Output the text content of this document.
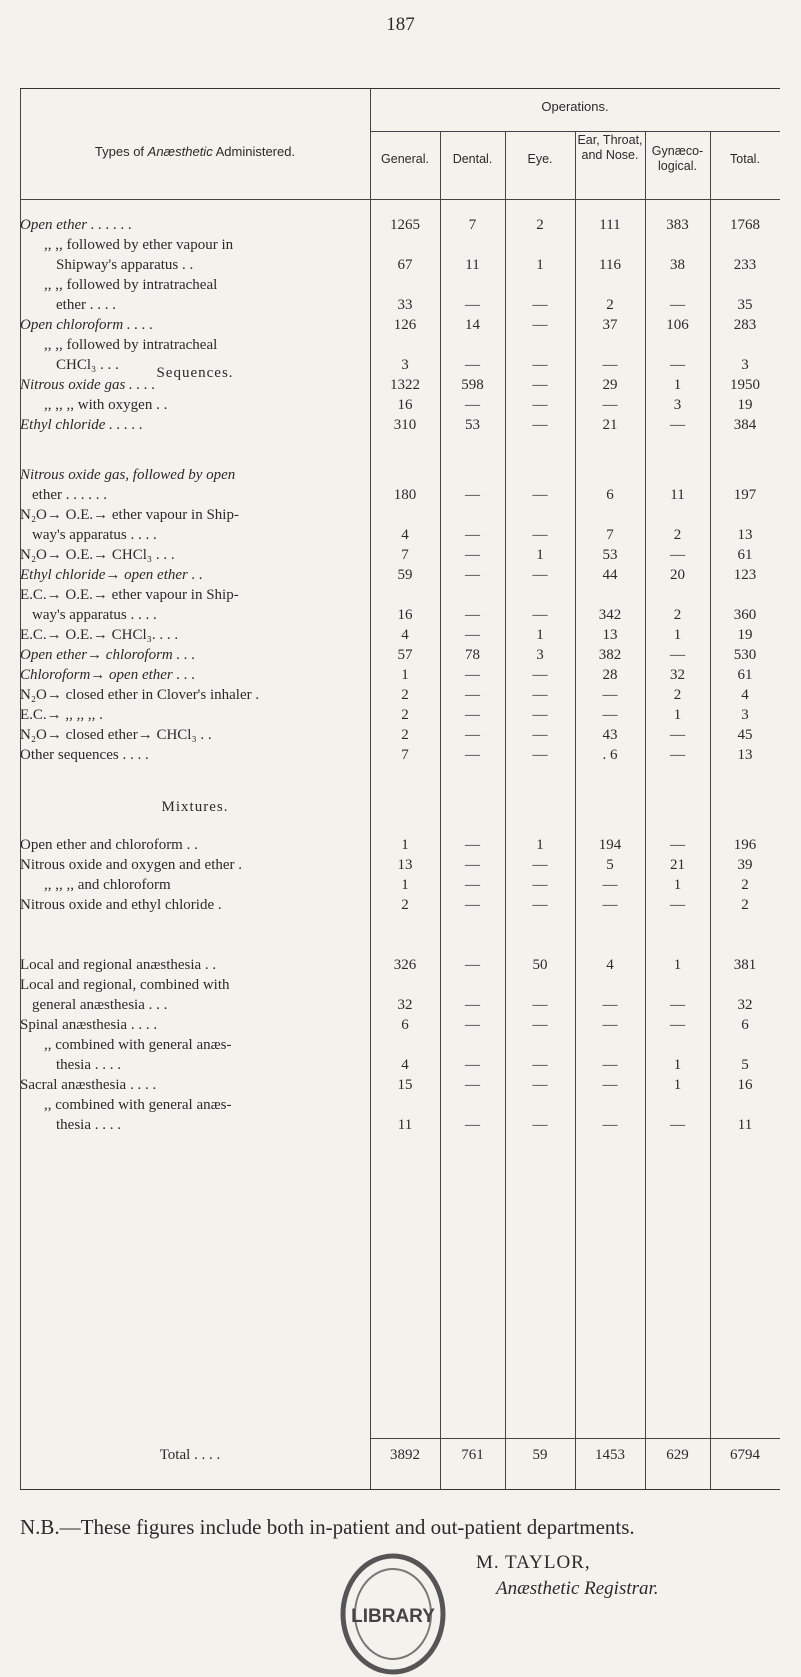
187
Operations.
Types of Anæsthetic Administered.	General.	Dental.	Eye.
Ear, Throat, and Nose.	Gynæco- logical.	Total.
Sequences.
Mixtures.
Open ether . . . . . .	1265	7	2	111	383	1768
,, ,, followed by ether vapour in
Shipway's apparatus . .	67	11	1	116	38	233
,, ,, followed by intratracheal
ether . . . .	33	—	—	2	—	35
Open chloroform . . . .	126	14	—	37	106	283
,, ,, followed by intratracheal
CHCl₃ . . .	3	—	—	—	—	3
Nitrous oxide gas . . . .	1322	598	—	29	1	1950
,, ,, ,, with oxygen . .	16	—	—	—	3	19
Ethyl chloride . . . . .	310	53	—	21	—	384
Nitrous oxide gas, followed by open
ether . . . . . .	180	—	—	6	11	197
N₂O→ O.E.→ ether vapour in Ship-
way's apparatus . . . .	4	—	—	7	2	13
N₂O→ O.E.→ CHCl₃ . . .	7	—	1	53	—	61
Ethyl chloride→ open ether . .	59	—	—	44	20	123
E.C.→ O.E.→ ether vapour in Ship-
way's apparatus . . . .	16	—	—	342	2	360
E.C.→ O.E.→ CHCl₃. . . .	4	—	1	13	1	19
Open ether→ chloroform . . .	57	78	3	382	—	530
Chloroform→ open ether . . .	1	—	—	28	32	61
N₂O→ closed ether in Clover's inhaler .	2	—	—	—	2	4
E.C.→ ,, ,, ,, .	2	—	—	—	1	3
N₂O→ closed ether→ CHCl₃ . .	2	—	—	43	—	45
Other sequences . . . .	7	—	—	. 6	—	13
Open ether and chloroform . .	1	—	1	194	—	196
Nitrous oxide and oxygen and ether .	13	—	—	5	21	39
,, ,, ,, and chloroform	1	—	—	—	1	2
Nitrous oxide and ethyl chloride .	2	—	—	—	—	2
Local and regional anæsthesia . .	326	—	50	4	1	381
Local and regional, combined with
general anæsthesia . . .	32	—	—	—	—	32
Spinal anæsthesia . . . .	6	—	—	—	—	6
,, combined with general anæs-
thesia . . . .	4	—	—	—	1	5
Sacral anæsthesia . . . .	15	—	—	—	1	16
,, combined with general anæs-
thesia . . . .	11	—	—	—	—	11
Total . . . .	3892	761	59	1453	629	6794
N.B.—These figures include both in-patient and out-patient departments.
M. TAYLOR,
Anæsthetic Registrar.
LIBRARY
